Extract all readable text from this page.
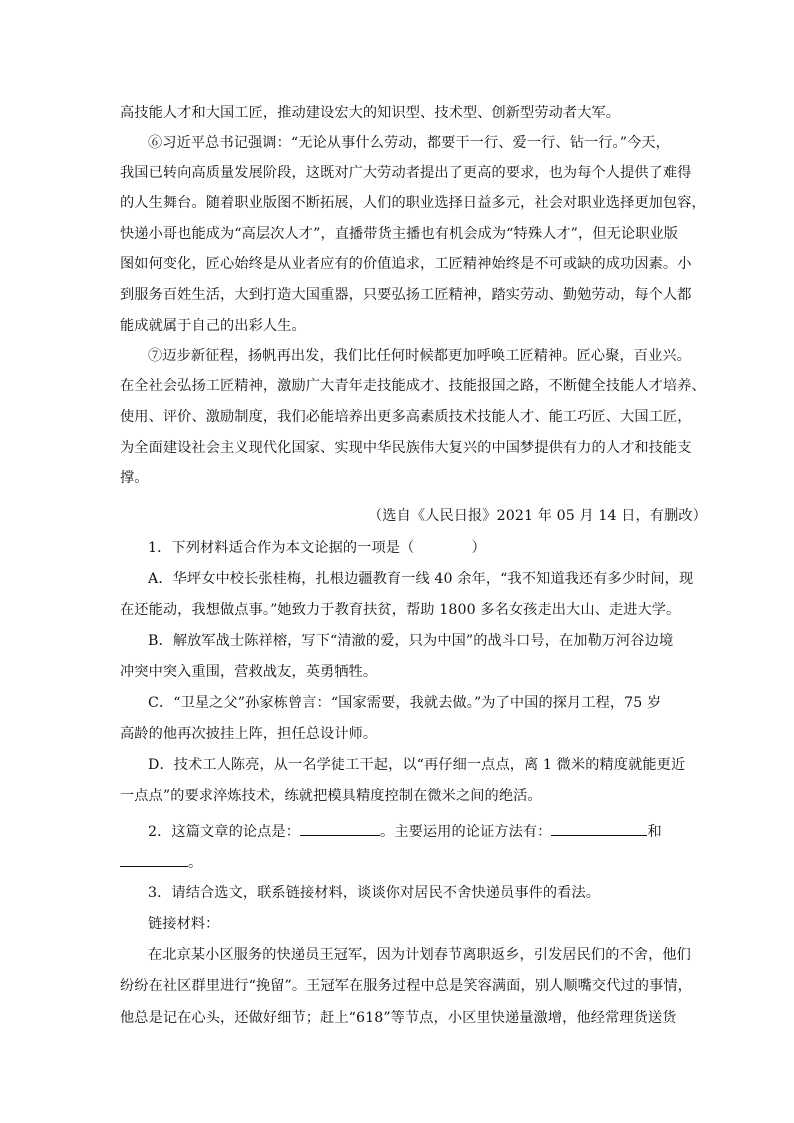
高技能人才和大国工匠，推动建设宏大的知识型、技术型、创新型劳动者大军。
⑥习近平总书记强调：“无论从事什么劳动，都要干一行、爱一行、钻一行。”今天，
我国已转向高质量发展阶段，这既对广大劳动者提出了更高的要求，也为每个人提供了难得
的人生舞台。随着职业版图不断拓展，人们的职业选择日益多元，社会对职业选择更加包容，
快递小哥也能成为“高层次人才”，直播带货主播也有机会成为“特殊人才”，但无论职业版
图如何变化，匠心始终是从业者应有的价值追求，工匠精神始终是不可或缺的成功因素。小
到服务百姓生活，大到打造大国重器，只要弘扬工匠精神，踏实劳动、勤勉劳动，每个人都
能成就属于自己的出彩人生。
⑦迈步新征程，扬帆再出发，我们比任何时候都更加呼唤工匠精神。匠心聚，百业兴。
在全社会弘扬工匠精神，激励广大青年走技能成才、技能报国之路，不断健全技能人才培养、
使用、评价、激励制度，我们必能培养出更多高素质技术技能人才、能工巧匠、大国工匠，
为全面建设社会主义现代化国家、实现中华民族伟大复兴的中国梦提供有力的人才和技能支
撑。
（选自《人民日报》2021 年 05 月 14 日，有删改）
1．下列材料适合作为本文论据的一项是（　　　　）
A．华坪女中校长张桂梅，扎根边疆教育一线 40 余年，“我不知道我还有多少时间，现
在还能动，我想做点事。”她致力于教育扶贫，帮助 1800 多名女孩走出大山、走进大学。
B．解放军战士陈祥榕，写下“清澈的爱，只为中国”的战斗口号，在加勒万河谷边境
冲突中突入重围，营救战友，英勇牺牲。
C．“卫星之父”孙家栋曾言：“国家需要，我就去做。”为了中国的探月工程，75 岁
高龄的他再次披挂上阵，担任总设计师。
D．技术工人陈亮，从一名学徒工干起，以“再仔细一点点，离 1 微米的精度就能更近
一点点”的要求淬炼技术，练就把模具精度控制在微米之间的绝活。
2．这篇文章的论点是：	。主要运用的论证方法有：	和
。
3．请结合选文，联系链接材料，谈谈你对居民不舍快递员事件的看法。
链接材料：
在北京某小区服务的快递员王冠军，因为计划春节离职返乡，引发居民们的不舍，他们
纷纷在社区群里进行“挽留”。王冠军在服务过程中总是笑容满面，别人顺嘴交代过的事情，
他总是记在心头，还做好细节；赶上“618”等节点，小区里快递量激增，他经常理货送货
